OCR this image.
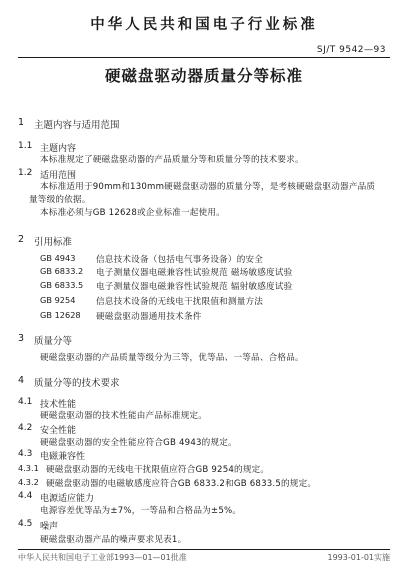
中华人民共和国电子行业标准
SJ/T 9542—93
硬磁盘驱动器质量分等标准
1 主题内容与适用范围
1.1 主题内容
本标准规定了硬磁盘驱动器的产品质量分等和质量分等的技术要求。
1.2 适用范围
本标准适用于90mm和130mm硬磁盘驱动器的质量分等，是考核硬磁盘驱动器产品质
量等级的依据。
本标准必须与GB 12628或企业标准一起使用。
2 引用标准
GB 4943 信息技术设备（包括电气事务设备）的安全
GB 6833.2 电子测量仪器电磁兼容性试验规范 磁场敏感度试验
GB 6833.5 电子测量仪器电磁兼容性试验规范 辐射敏感度试验
GB 9254 信息技术设备的无线电干扰限值和测量方法
GB 12628 硬磁盘驱动器通用技术条件
3 质量分等
硬磁盘驱动器的产品质量等级分为三等，优等品、一等品、合格品。
4 质量分等的技术要求
4.1 技术性能
硬磁盘驱动器的技术性能由产品标准规定。
4.2 安全性能
硬磁盘驱动器的安全性能应符合GB 4943的规定。
4.3 电磁兼容性
4.3.1 硬磁盘驱动器的无线电干扰限值应符合GB 9254的规定。
4.3.2 硬磁盘驱动器的电磁敏感度应符合GB 6833.2和GB 6833.5的规定。
4.4 电源适应能力
电源容差优等品为±7%，一等品和合格品为±5%。
4.5 噪声
硬磁盘驱动器产品的噪声要求见表1。
中华人民共和国电子工业部1993—01—01批准	1993-01-01实施
